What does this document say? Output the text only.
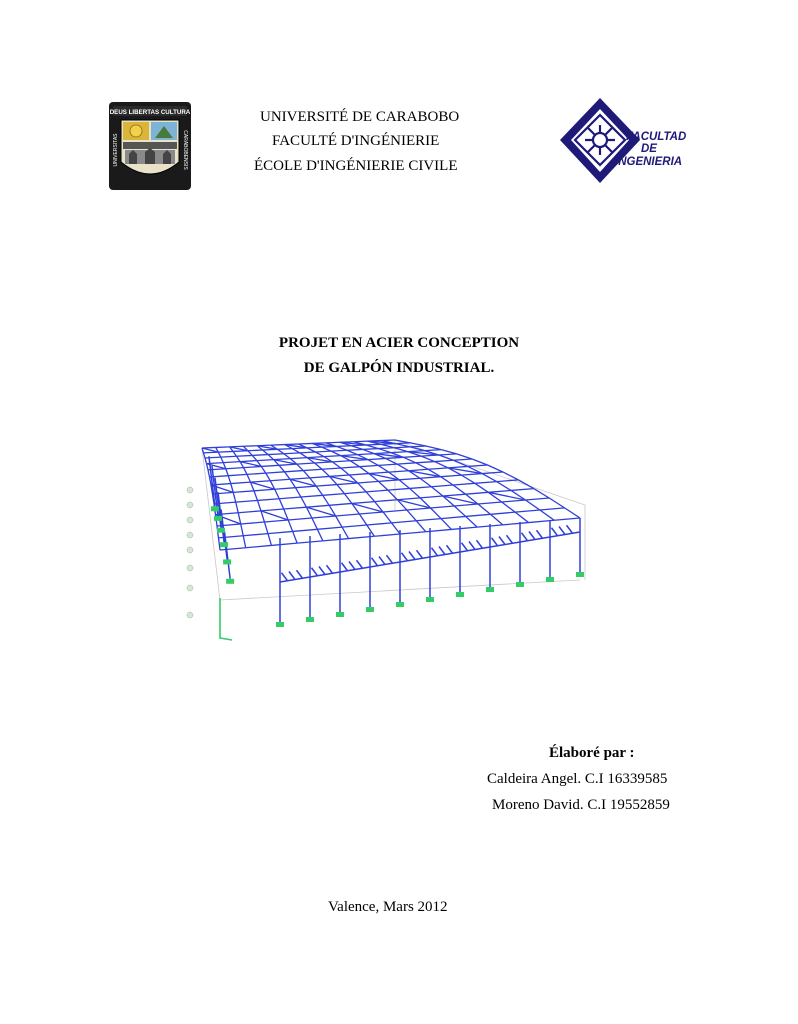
DEUS LIBERTAS CULTURA
UNIVERSITAS	CARABOBENSIS
UNIVERSITÉ DE CARABOBO
FACULTÉ D'INGÉNIERIE
ÉCOLE D'INGÉNIERIE CIVILE
FACULTAD
DE
INGENIERIA
PROJET EN ACIER CONCEPTION
DE GALPÓN INDUSTRIAL.
Élaboré par :
Caldeira Angel. C.I 16339585
Moreno David. C.I 19552859
Valence, Mars 2012
